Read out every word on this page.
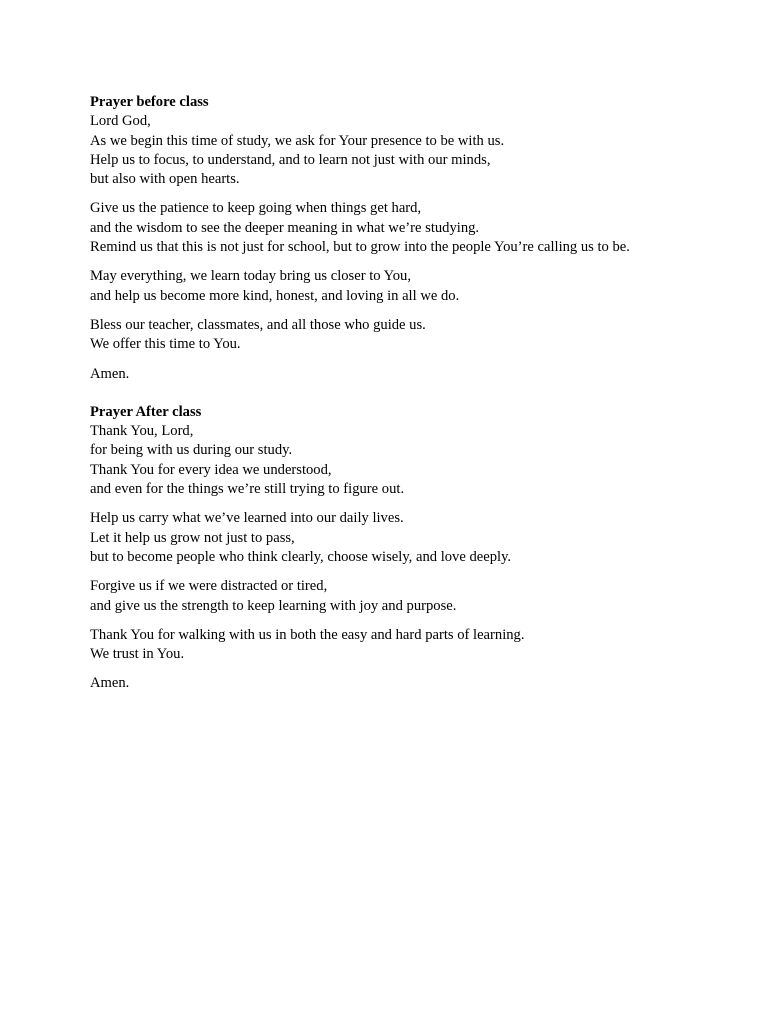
Prayer before class
Lord God,
As we begin this time of study, we ask for Your presence to be with us.
Help us to focus, to understand, and to learn not just with our minds,
but also with open hearts.
Give us the patience to keep going when things get hard,
and the wisdom to see the deeper meaning in what we’re studying.
Remind us that this is not just for school, but to grow into the people You’re calling us to be.
May everything, we learn today bring us closer to You,
and help us become more kind, honest, and loving in all we do.
Bless our teacher, classmates, and all those who guide us.
We offer this time to You.
Amen.
Prayer After class
Thank You, Lord,
for being with us during our study.
Thank You for every idea we understood,
and even for the things we’re still trying to figure out.
Help us carry what we’ve learned into our daily lives.
Let it help us grow not just to pass,
but to become people who think clearly, choose wisely, and love deeply.
Forgive us if we were distracted or tired,
and give us the strength to keep learning with joy and purpose.
Thank You for walking with us in both the easy and hard parts of learning.
We trust in You.
Amen.
